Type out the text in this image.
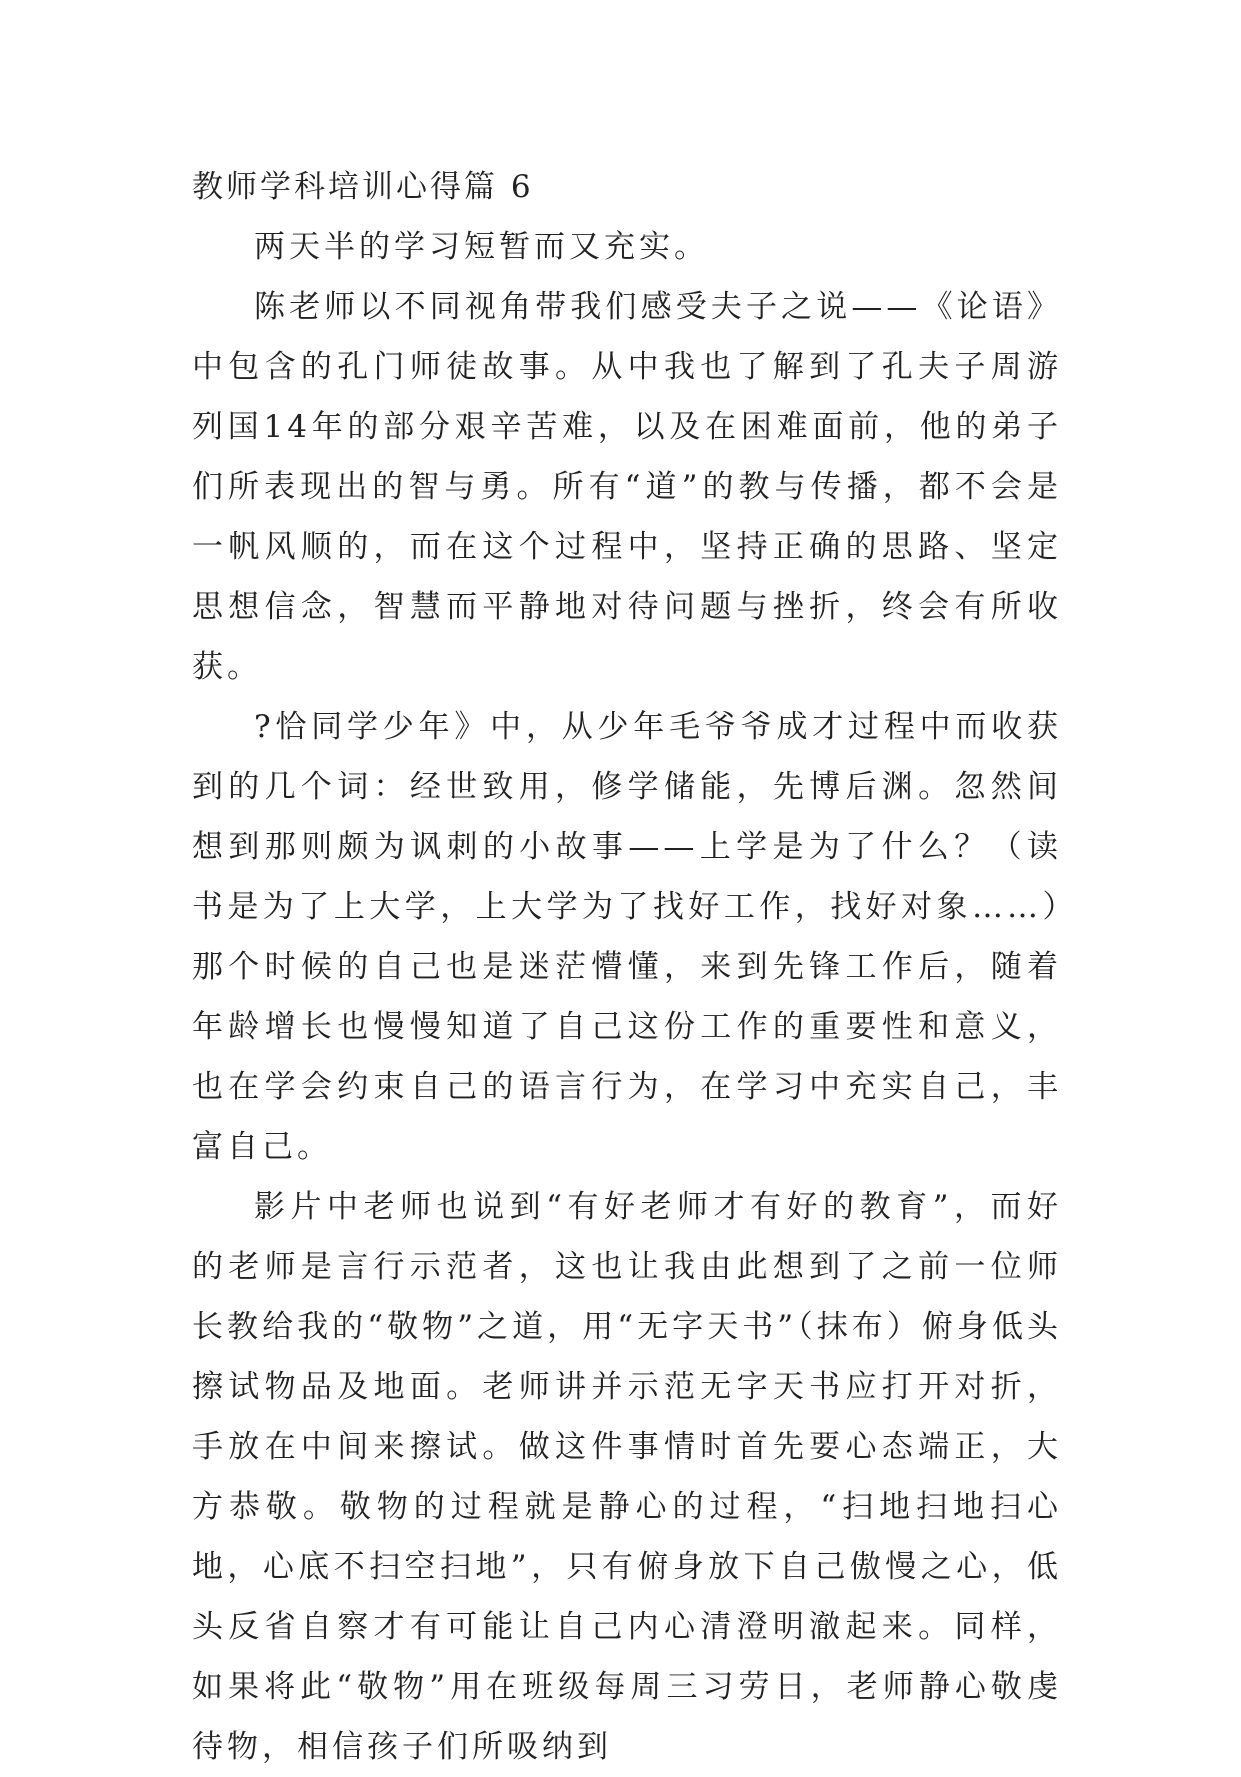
教师学科培训心得篇 6

两天半的学习短暂而又充实。

陈老师以不同视角带我们感受夫子之说——《论语》中包含的孔门师徒故事。从中我也了解到了孔夫子周游列国14年的部分艰辛苦难，以及在困难面前，他的弟子们所表现出的智与勇。所有“道”的教与传播，都不会是一帆风顺的，而在这个过程中，坚持正确的思路、坚定思想信念，智慧而平静地对待问题与挫折，终会有所收获。

?恰同学少年》中，从少年毛爷爷成才过程中而收获到的几个词：经世致用，修学储能，先博后渊。忽然间想到那则颇为讽刺的小故事——上学是为了什么？（读书是为了上大学，上大学为了找好工作，找好对象……）那个时候的自己也是迷茫懵懂，来到先锋工作后，随着年龄增长也慢慢知道了自己这份工作的重要性和意义，也在学会约束自己的语言行为，在学习中充实自己，丰富自己。

影片中老师也说到“有好老师才有好的教育”，而好的老师是言行示范者，这也让我由此想到了之前一位师长教给我的“敬物”之道，用“无字天书”（抹布）俯身低头擦试物品及地面。老师讲并示范无字天书应打开对折，手放在中间来擦试。做这件事情时首先要心态端正，大方恭敬。敬物的过程就是静心的过程，“扫地扫地扫心地，心底不扫空扫地”，只有俯身放下自己傲慢之心，低头反省自察才有可能让自己内心清澄明澈起来。同样，如果将此“敬物”用在班级每周三习劳日，老师静心敬虔待物，相信孩子们所吸纳到
